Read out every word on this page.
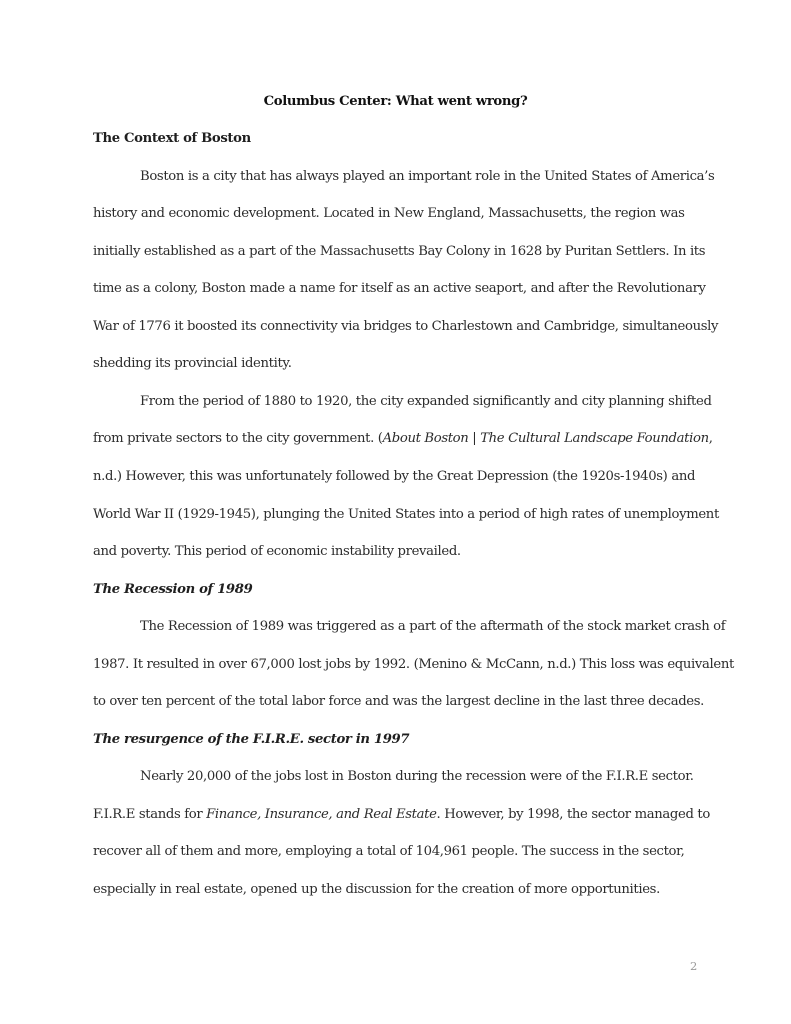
Columbus Center: What went wrong?
The Context of Boston
Boston is a city that has always played an important role in the United States of America’s
history and economic development. Located in New England, Massachusetts, the region was
initially established as a part of the Massachusetts Bay Colony in 1628 by Puritan Settlers. In its
time as a colony, Boston made a name for itself as an active seaport, and after the Revolutionary
War of 1776 it boosted its connectivity via bridges to Charlestown and Cambridge, simultaneously
shedding its provincial identity.
From the period of 1880 to 1920, the city expanded significantly and city planning shifted
from private sectors to the city government. (About Boston | The Cultural Landscape Foundation,
n.d.) However, this was unfortunately followed by the Great Depression (the 1920s-1940s) and
World War II (1929-1945), plunging the United States into a period of high rates of unemployment
and poverty. This period of economic instability prevailed.
The Recession of 1989
The Recession of 1989 was triggered as a part of the aftermath of the stock market crash of
1987. It resulted in over 67,000 lost jobs by 1992. (Menino & McCann, n.d.) This loss was equivalent
to over ten percent of the total labor force and was the largest decline in the last three decades.
The resurgence of the F.I.R.E. sector in 1997
Nearly 20,000 of the jobs lost in Boston during the recession were of the F.I.R.E sector.
F.I.R.E stands for Finance, Insurance, and Real Estate. However, by 1998, the sector managed to
recover all of them and more, employing a total of 104,961 people. The success in the sector,
especially in real estate, opened up the discussion for the creation of more opportunities.
2
